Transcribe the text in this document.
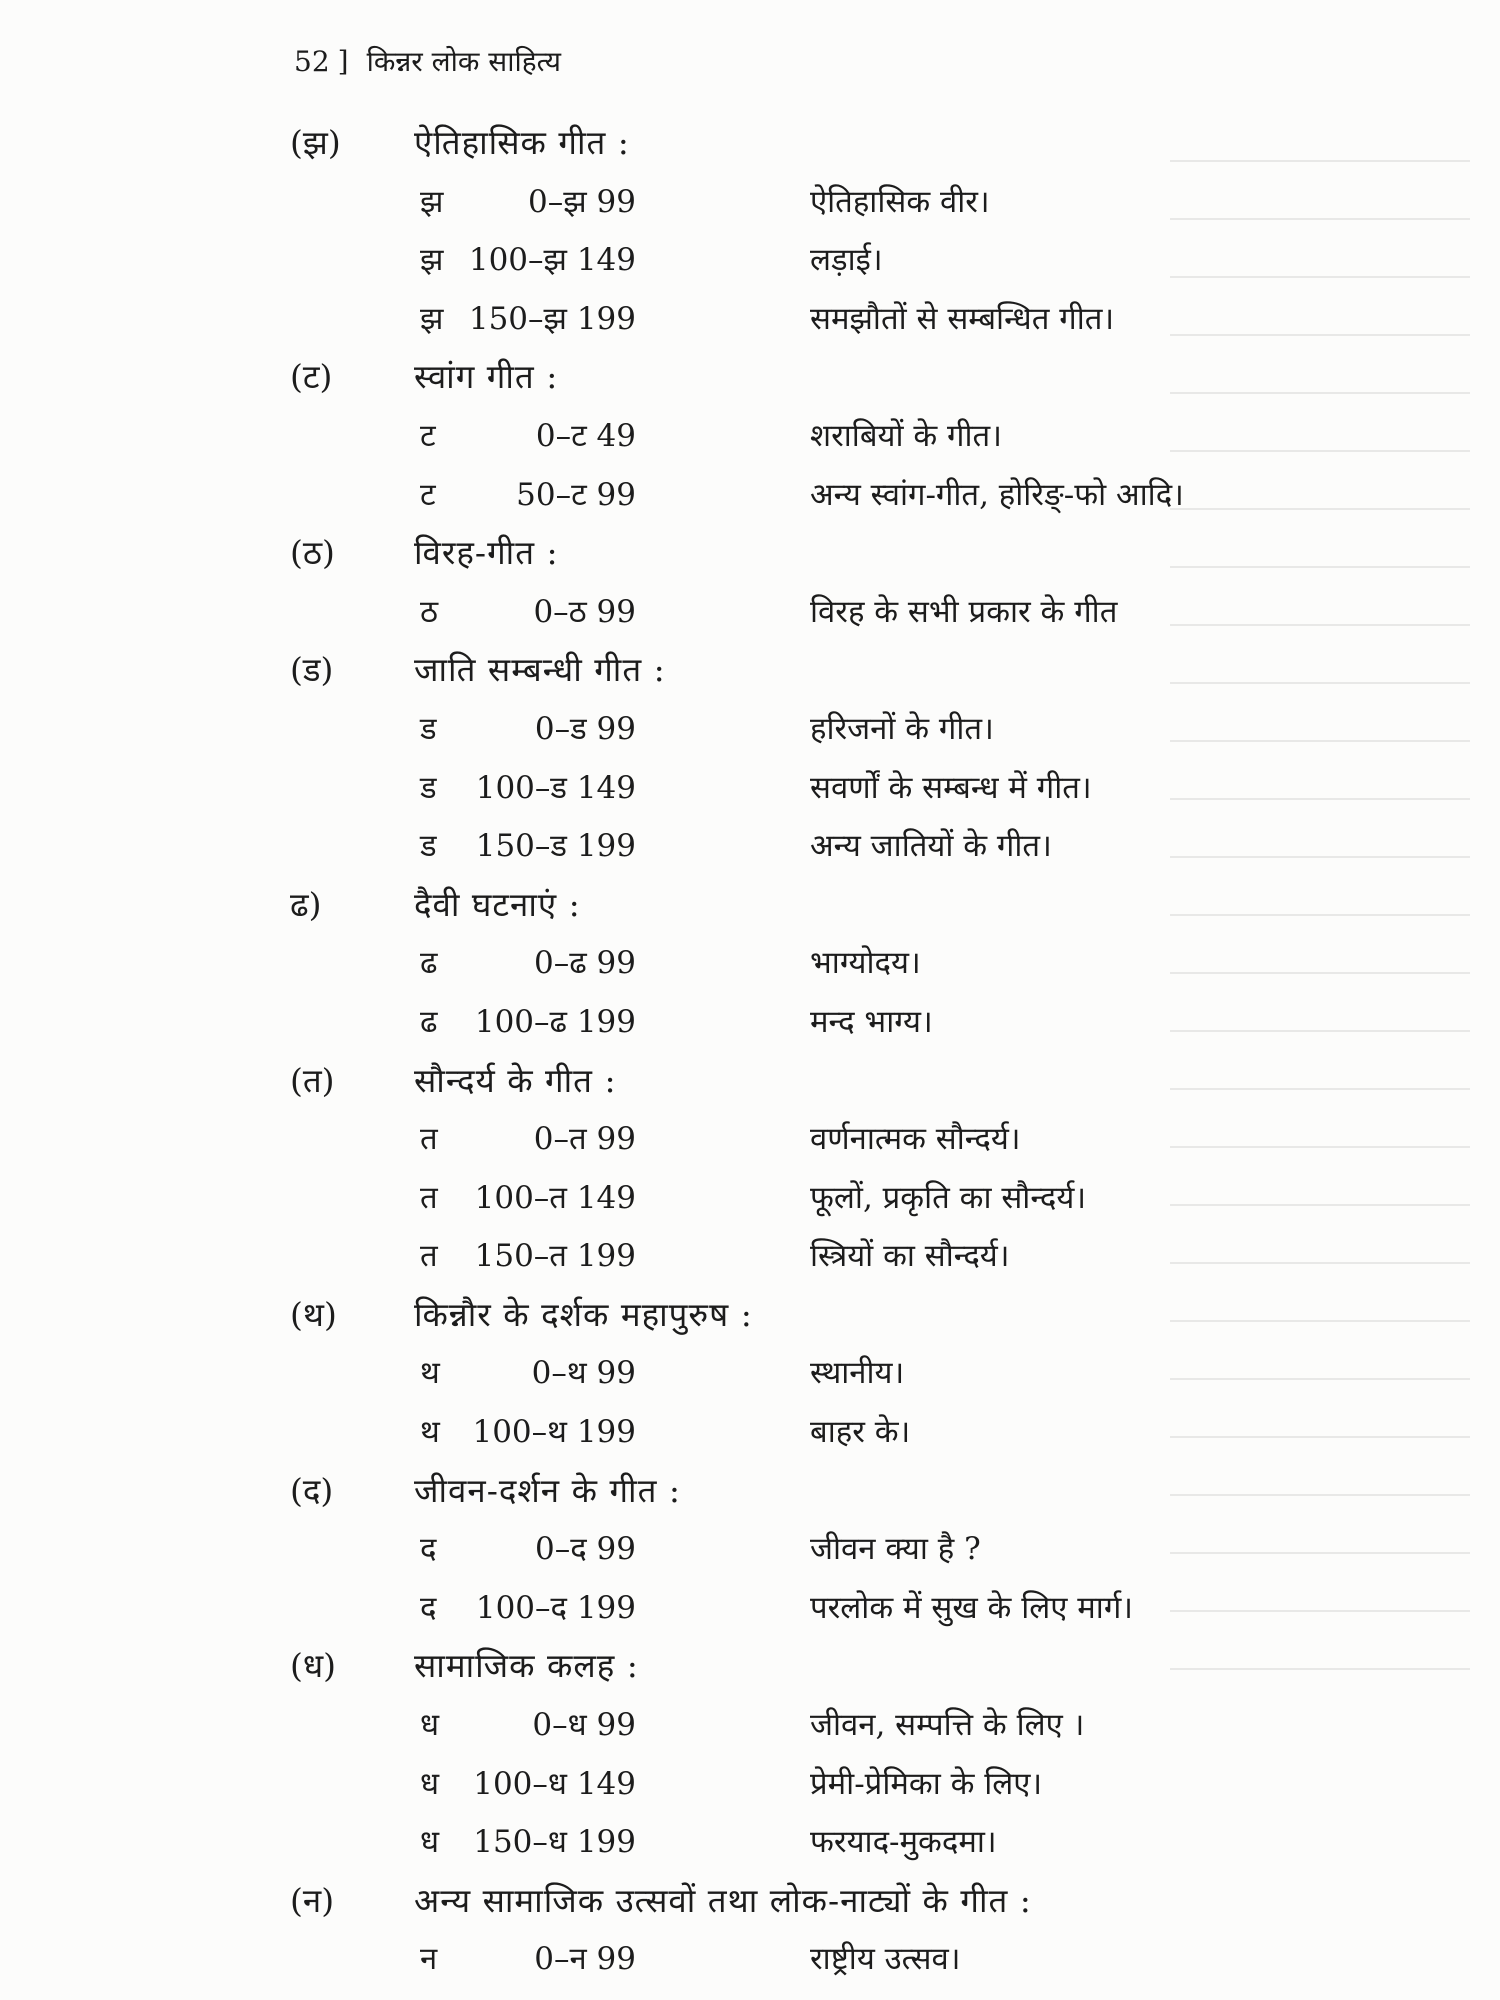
52 ] किन्नर लोक साहित्य
(झ) ऐतिहासिक गीत :
झ	0–झ 99	ऐतिहासिक वीर।
झ 100–झ 149	लड़ाई।
झ 150–झ 199	समझौतों से सम्बन्धित गीत।
(ट) स्वांग गीत :
ट	0–ट 49	शराबियों के गीत।
ट	50–ट 99	अन्य स्वांग-गीत, होरिङ्-फो आदि।
(ठ) विरह-गीत :
ठ	0–ठ 99	विरह के सभी प्रकार के गीत
(ड) जाति सम्बन्धी गीत :
ड	0–ड 99	हरिजनों के गीत।
ड	100–ड 149	सवर्णों के सम्बन्ध में गीत।
ड	150–ड 199	अन्य जातियों के गीत।
ढ)	दैवी घटनाएं :
ढ	0–ढ 99	भाग्योदय।
ढ	100–ढ 199	मन्द भाग्य।
(त) सौन्दर्य के गीत :
त	0–त 99	वर्णनात्मक सौन्दर्य।
त	100–त 149	फूलों, प्रकृति का सौन्दर्य।
त	150–त 199	स्त्रियों का सौन्दर्य।
(थ) किन्नौर के दर्शक महापुरुष :
थ	0–थ 99	स्थानीय।
थ	100–थ 199	बाहर के।
(द) जीवन-दर्शन के गीत :
द	0–द 99	जीवन क्या है ?
द	100–द 199	परलोक में सुख के लिए मार्ग।
(ध) सामाजिक कलह :
ध	0–ध 99	जीवन, सम्पत्ति के लिए ।
ध	100–ध 149	प्रेमी-प्रेमिका के लिए।
ध	150–ध 199	फरयाद-मुकदमा।
(न) अन्य सामाजिक उत्सवों तथा लोक-नाट्यों के गीत :
न	0–न 99	राष्ट्रीय उत्सव।
